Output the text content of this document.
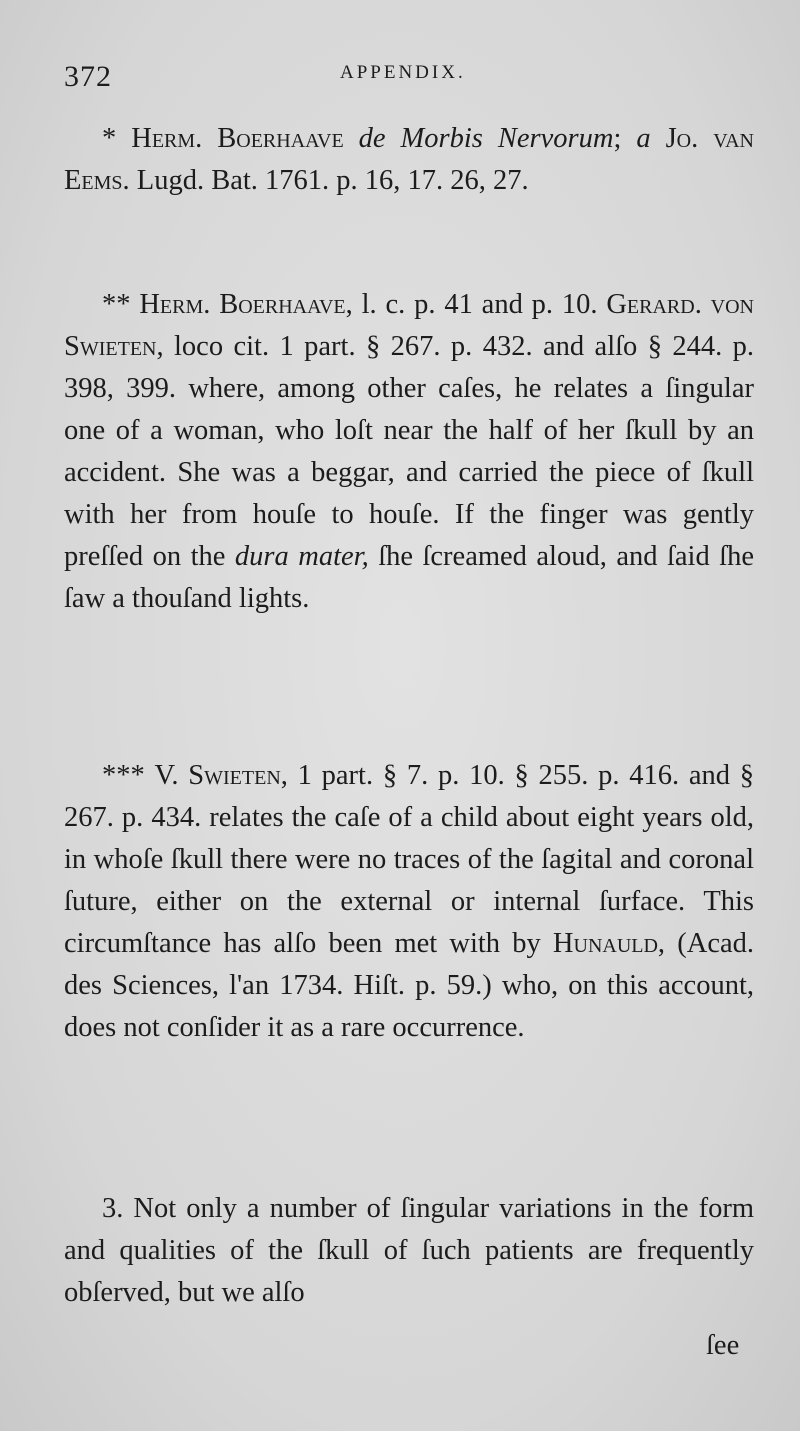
372	APPENDIX.

* Herm. Boerhaave de Morbis Nervorum; a Jo. van Eems. Lugd. Bat. 1761. p. 16, 17. 26, 27.

** Herm. Boerhaave, l. c. p. 41 and p. 10. Gerard. von Swieten, loco cit. 1 part. § 267. p. 432. and alſo § 244. p. 398, 399. where, among other caſes, he relates a ſingular one of a woman, who loſt near the half of her ſkull by an accident. She was a beggar, and carried the piece of ſkull with her from houſe to houſe. If the finger was gently preſſed on the dura mater, ſhe ſcreamed aloud, and ſaid ſhe ſaw a thouſand lights.

*** V. Swieten, 1 part. § 7. p. 10. § 255. p. 416. and § 267. p. 434. relates the caſe of a child about eight years old, in whoſe ſkull there were no traces of the ſagital and coronal ſuture, either on the external or internal ſurface. This circumſtance has alſo been met with by Hunauld, (Acad. des Sciences, l'an 1734. Hiſt. p. 59.) who, on this account, does not conſider it as a rare occurrence.

3. Not only a number of ſingular variations in the form and qualities of the ſkull of ſuch patients are frequently obſerved, but we alſo

ſee
